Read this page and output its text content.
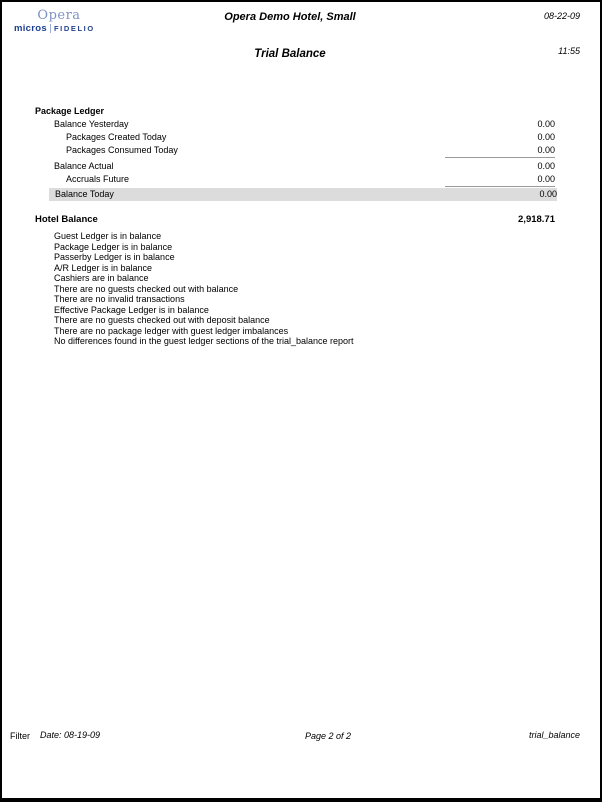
Opera
micros FIDELIO
Opera Demo Hotel, Small	08-22-09
Trial Balance	11:55
Package Ledger
Balance Yesterday	0.00
Packages Created Today	0.00
Packages Consumed Today	0.00
Balance Actual	0.00
Accruals Future	0.00
Balance Today	0.00
Hotel Balance	2,918.71
Guest Ledger is in balance
Package Ledger is in balance
Passerby Ledger is in balance
A/R Ledger is in balance
Cashiers are in balance
There are no guests checked out with balance
There are no invalid transactions
Effective Package Ledger is in balance
There are no guests checked out with deposit balance
There are no package ledger with guest ledger imbalances
No differences found in the guest ledger sections of the trial_balance report
Filter Date: 08-19-09	Page 2 of 2	trial_balance
